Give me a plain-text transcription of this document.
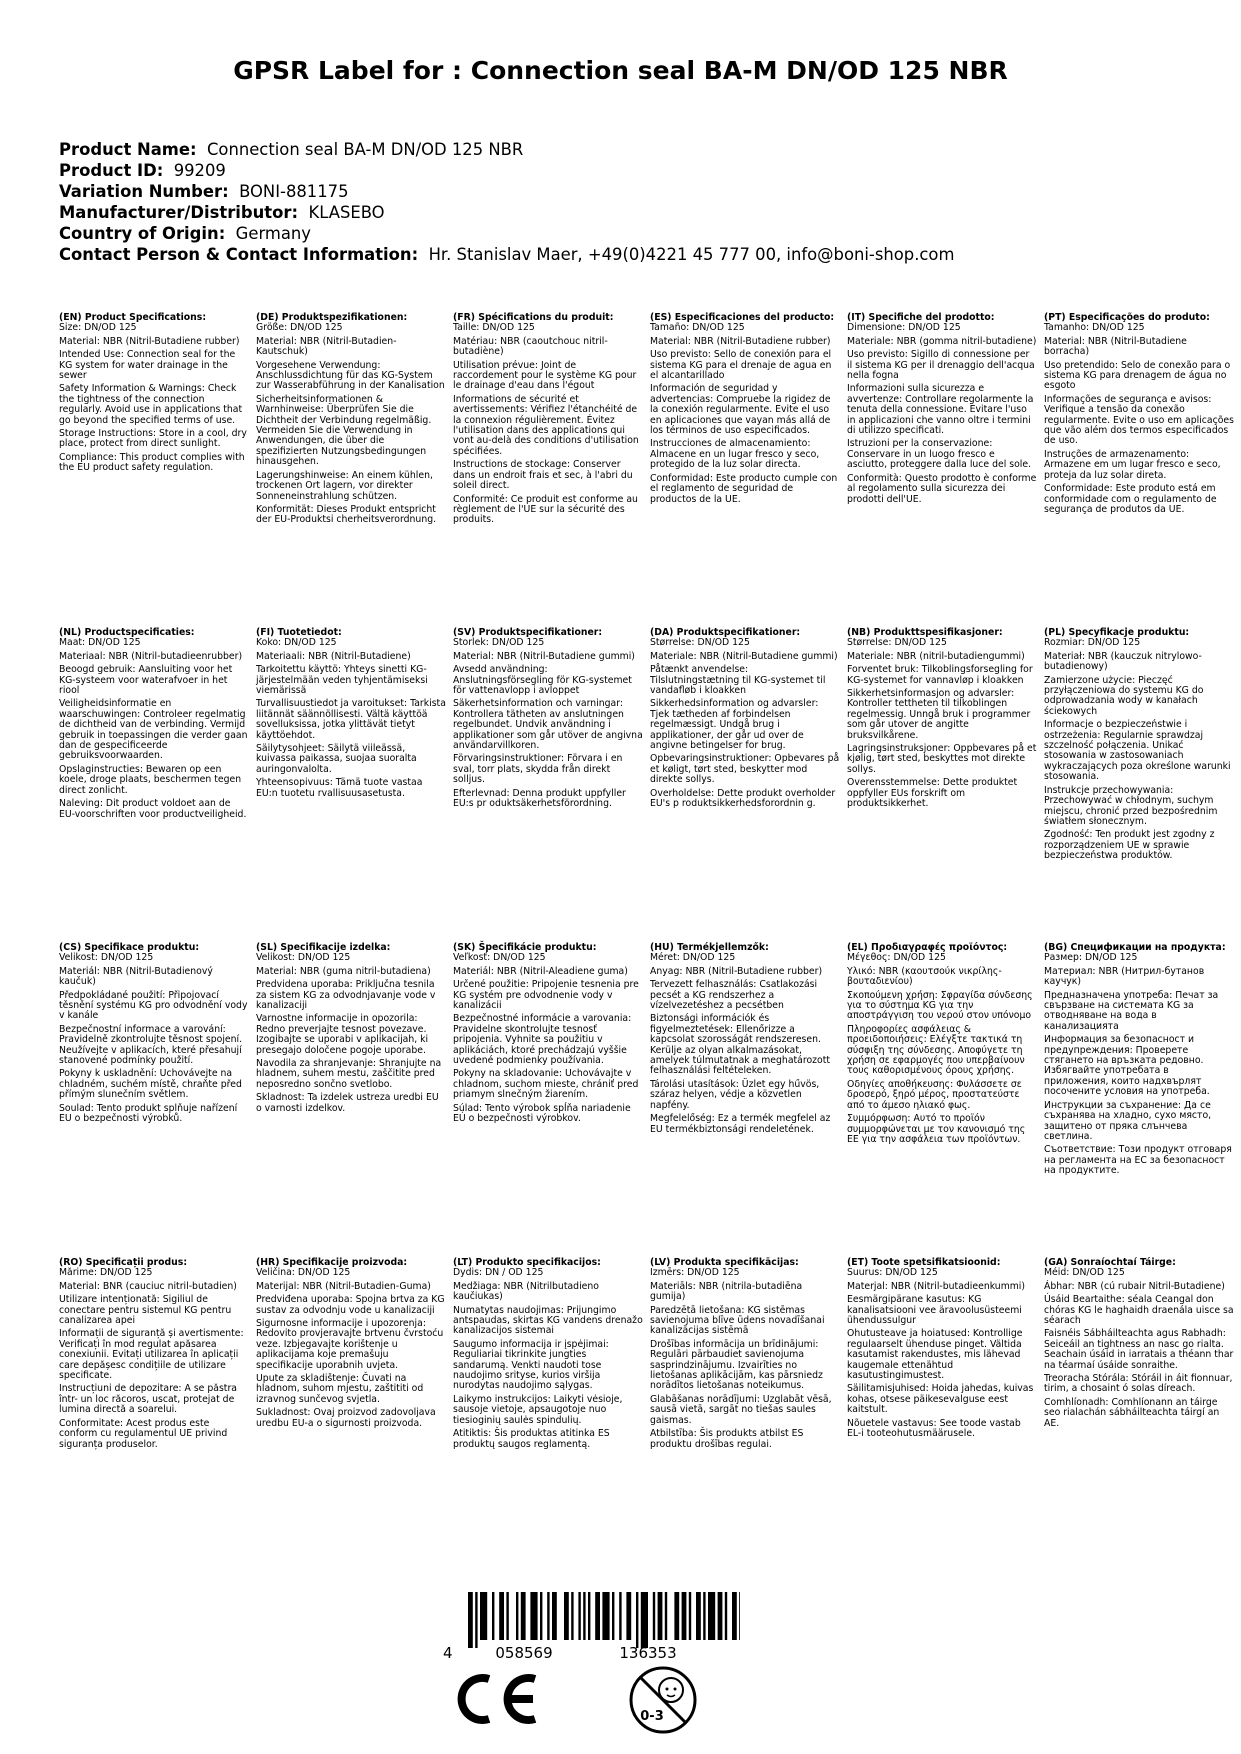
GPSR Label for : Connection seal BA-M DN/OD 125 NBR
Product Name: Connection seal BA-M DN/OD 125 NBR
Product ID: 99209
Variation Number: BONI-881175
Manufacturer/Distributor: KLASEBO
Country of Origin: Germany
Contact Person & Contact Information: Hr. Stanislav Maer, +49(0)4221 45 777 00, info@boni-shop.com
4	058569	136353
0-3
(EN) Product Specifications:
Size: DN/OD 125
Material: NBR (Nitril-Butadiene rubber)
Intended Use: Connection seal for the KG system for water drainage in the sewer
Safety Information & Warnings: Check the tightness of the connection regularly. Avoid use in applications that go beyond the specified terms of use.
Storage Instructions: Store in a cool, dry place, protect from direct sunlight.
Compliance: This product complies with the EU product safety regulation.
(DE) Produktspezifikationen:
Größe: DN/OD 125
Material: NBR (Nitril-Butadien-Kautschuk)
Vorgesehene Verwendung: Anschlussdichtung für das KG-System zur Wasserabführung in der Kanalisation
Sicherheitsinformationen & Warnhinweise: Überprüfen Sie die Dichtheit der Verbindung regelmäßig. Vermeiden Sie die Verwendung in Anwendungen, die über die spezifizierten Nutzungsbedingungen hinausgehen.
Lagerungshinweise: An einem kühlen, trockenen Ort lagern, vor direkter Sonneneinstrahlung schützen.
Konformität: Dieses Produkt entspricht der EU-Produktsi cherheitsverordnung.
(FR) Spécifications du produit:
Taille: DN/OD 125
Matériau: NBR (caoutchouc nitril-butadiène)
Utilisation prévue: Joint de raccordement pour le système KG pour le drainage d'eau dans l'égout
Informations de sécurité et avertissements: Vérifiez l'étanchéité de la connexion régulièrement. Évitez l'utilisation dans des applications qui vont au-delà des conditions d'utilisation spécifiées.
Instructions de stockage: Conserver dans un endroit frais et sec, à l'abri du soleil direct.
Conformité: Ce produit est conforme au règlement de l'UE sur la sécurité des produits.
(ES) Especificaciones del producto:
Tamaño: DN/OD 125
Material: NBR (Nitril-Butadiene rubber)
Uso previsto: Sello de conexión para el sistema KG para el drenaje de agua en el alcantarillado
Información de seguridad y advertencias: Compruebe la rigidez de la conexión regularmente. Evite el uso en aplicaciones que vayan más allá de los términos de uso especificados.
Instrucciones de almacenamiento: Almacene en un lugar fresco y seco, protegido de la luz solar directa.
Conformidad: Este producto cumple con el reglamento de seguridad de productos de la UE.
(IT) Specifiche del prodotto:
Dimensione: DN/OD 125
Materiale: NBR (gomma nitril-butadiene)
Uso previsto: Sigillo di connessione per il sistema KG per il drenaggio dell'acqua nella fogna
Informazioni sulla sicurezza e avvertenze: Controllare regolarmente la tenuta della connessione. Evitare l'uso in applicazioni che vanno oltre i termini di utilizzo specificati.
Istruzioni per la conservazione: Conservare in un luogo fresco e asciutto, proteggere dalla luce del sole.
Conformità: Questo prodotto è conforme al regolamento sulla sicurezza dei prodotti dell'UE.
(PT) Especificações do produto:
Tamanho: DN/OD 125
Material: NBR (Nitril-Butadiene borracha)
Uso pretendido: Selo de conexão para o sistema KG para drenagem de água no esgoto
Informações de segurança e avisos: Verifique a tensão da conexão regularmente. Evite o uso em aplicações que vão além dos termos especificados de uso.
Instruções de armazenamento: Armazene em um lugar fresco e seco, proteja da luz solar direta.
Conformidade: Este produto está em conformidade com o regulamento de segurança de produtos da UE.
(NL) Productspecificaties:
Maat: DN/OD 125
Materiaal: NBR (Nitril-butadieenrubber)
Beoogd gebruik: Aansluiting voor het KG-systeem voor waterafvoer in het riool
Veiligheidsinformatie en waarschuwingen: Controleer regelmatig de dichtheid van de verbinding. Vermijd gebruik in toepassingen die verder gaan dan de gespecificeerde gebruiksvoorwaarden.
Opslaginstructies: Bewaren op een koele, droge plaats, beschermen tegen direct zonlicht.
Naleving: Dit product voldoet aan de EU-voorschriften voor productveiligheid.
(FI) Tuotetiedot:
Koko: DN/OD 125
Materiaali: NBR (Nitril-Butadiene)
Tarkoitettu käyttö: Yhteys sinetti KG-järjestelmään veden tyhjentämiseksi viemärissä
Turvallisuustiedot ja varoitukset: Tarkista liitännät säännöllisesti. Vältä käyttöä sovelluksissa, jotka ylittävät tietyt käyttöehdot.
Säilytysohjeet: Säilytä viileässä, kuivassa paikassa, suojaa suoralta auringonvalolta.
Yhteensopivuus: Tämä tuote vastaa EU:n tuotetu rvallisuusasetusta.
(SV) Produktspecifikationer:
Storlek: DN/OD 125
Material: NBR (Nitril-Butadiene gummi)
Avsedd användning: Anslutningsförsegling för KG-systemet för vattenavlopp i avloppet
Säkerhetsinformation och varningar: Kontrollera tätheten av anslutningen regelbundet. Undvik användning i applikationer som går utöver de angivna användarvillkoren.
Förvaringsinstruktioner: Förvara i en sval, torr plats, skydda från direkt solljus.
Efterlevnad: Denna produkt uppfyller EU:s pr oduktsäkerhetsförordning.
(DA) Produktspecifikationer:
Størrelse: DN/OD 125
Materiale: NBR (Nitril-Butadiene gummi)
Påtænkt anvendelse: Tilslutningstætning til KG-systemet til vandafløb i kloakken
Sikkerhedsinformation og advarsler: Tjek tætheden af forbindelsen regelmæssigt. Undgå brug i applikationer, der går ud over de angivne betingelser for brug.
Opbevaringsinstruktioner: Opbevares på et køligt, tørt sted, beskytter mod direkte sollys.
Overholdelse: Dette produkt overholder EU's p roduktsikkerhedsforordnin g.
(NB) Produkttspesifikasjoner:
Størrelse: DN/OD 125
Materiale: NBR (nitril-butadiengummi)
Forventet bruk: Tilkoblingsforsegling for KG-systemet for vannavløp i kloakken
Sikkerhetsinformasjon og advarsler: Kontroller tettheten til tilkoblingen regelmessig. Unngå bruk i programmer som går utover de angitte bruksvilkårene.
Lagringsinstruksjoner: Oppbevares på et kjølig, tørt sted, beskyttes mot direkte sollys.
Overensstemmelse: Dette produktet oppfyller EUs forskrift om produktsikkerhet.
(PL) Specyfikacje produktu:
Rozmiar: DN/OD 125
Materiał: NBR (kauczuk nitrylowo-butadienowy)
Zamierzone użycie: Pieczęć przyłączeniowa do systemu KG do odprowadzania wody w kanałach ściekowych
Informacje o bezpieczeństwie i ostrzeżenia: Regularnie sprawdzaj szczelność połączenia. Unikać stosowania w zastosowaniach wykraczających poza określone warunki stosowania.
Instrukcje przechowywania: Przechowywać w chłodnym, suchym miejscu, chronić przed bezpośrednim światłem słonecznym.
Zgodność: Ten produkt jest zgodny z rozporządzeniem UE w sprawie bezpieczeństwa produktów.
(CS) Specifikace produktu:
Velikost: DN/OD 125
Materiál: NBR (Nitril-Butadienový kaučuk)
Předpokládané použití: Připojovací těsnění systému KG pro odvodnění vody v kanále
Bezpečnostní informace a varování: Pravidelně zkontrolujte těsnost spojení. Neužívejte v aplikacích, které přesahují stanovené podmínky použití.
Pokyny k uskladnění: Uchovávejte na chladném, suchém místě, chraňte před přímým slunečním světlem.
Soulad: Tento produkt splňuje nařízení EU o bezpečnosti výrobků.
(SL) Specifikacije izdelka:
Velikost: DN/OD 125
Material: NBR (guma nitril-butadiena)
Predvidena uporaba: Priključna tesnila za sistem KG za odvodnjavanje vode v kanalizaciji
Varnostne informacije in opozorila: Redno preverjajte tesnost povezave. Izogibajte se uporabi v aplikacijah, ki presegajo določene pogoje uporabe.
Navodila za shranjevanje: Shranjujte na hladnem, suhem mestu, zaščitite pred neposredno sončno svetlobo.
Skladnost: Ta izdelek ustreza uredbi EU o varnosti izdelkov.
(SK) Špecifikácie produktu:
Veľkosť: DN/OD 125
Materiál: NBR (Nitril-Aleadiene guma)
Určené použitie: Pripojenie tesnenia pre KG systém pre odvodnenie vody v kanalizácii
Bezpečnostné informácie a varovania: Pravidelne skontrolujte tesnosť pripojenia. Vyhnite sa použitiu v aplikáciách, ktoré prechádzajú vyššie uvedené podmienky používania.
Pokyny na skladovanie: Uchovávajte v chladnom, suchom mieste, chrániť pred priamym slnečným žiarením.
Súlad: Tento výrobok spĺňa nariadenie EÚ o bezpečnosti výrobkov.
(HU) Termékjellemzők:
Méret: DN/OD 125
Anyag: NBR (Nitril-Butadiene rubber)
Tervezett felhasználás: Csatlakozási pecsét a KG rendszerhez a vízelvezetéshez a pecsétben
Biztonsági információk és figyelmeztetések: Ellenőrizze a kapcsolat szorosságát rendszeresen. Kerülje az olyan alkalmazásokat, amelyek túlmutatnak a meghatározott felhasználási feltételeken.
Tárolási utasítások: Üzlet egy hűvös, száraz helyen, védje a közvetlen napfény.
Megfelelőség: Ez a termék megfelel az EU termékbiztonsági rendeletének.
(EL) Προδιαγραφές προϊόντος:
Μέγεθος: DN/OD 125
Υλικό: NBR (καουτσούκ νικρίλης-βουταδιενίου)
Σκοπούμενη χρήση: Σφραγίδα σύνδεσης για το σύστημα KG για την αποστράγγιση του νερού στον υπόνομο
Πληροφορίες ασφάλειας & προειδοποιήσεις: Ελέγξτε τακτικά τη σύσφιξη της σύνδεσης. Αποφύγετε τη χρήση σε εφαρμογές που υπερβαίνουν τους καθορισμένους όρους χρήσης.
Οδηγίες αποθήκευσης: Φυλάσσετε σε δροσερό, ξηρό μέρος, προστατεύστε από το άμεσο ηλιακό φως.
Συμμόρφωση: Αυτό το προϊόν συμμορφώνεται με τον κανονισμό της ΕΕ για την ασφάλεια των προϊόντων.
(BG) Спецификации на продукта:
Размер: DN/OD 125
Материал: NBR (Нитрил-бутанов каучук)
Предназначена употреба: Печат за свързване на системата KG за отводняване на вода в канализацията
Информация за безопасност и предупреждения: Проверете стягането на връзката редовно. Избягвайте употребата в приложения, които надхвърлят посочените условия на употреба.
Инструкции за съхранение: Да се съхранява на хладно, сухо място, защитено от пряка слънчева светлина.
Съответствие: Този продукт отговаря на регламента на ЕС за безопасност на продуктите.
(RO) Specificații produs:
Mărime: DN/OD 125
Material: BNR (cauciuc nitril-butadien)
Utilizare intenționată: Sigiliul de conectare pentru sistemul KG pentru canalizarea apei
Informații de siguranță și avertismente: Verificați în mod regulat apăsarea conexiunii. Evitați utilizarea în aplicații care depășesc condițiile de utilizare specificate.
Instrucțiuni de depozitare: A se păstra într- un loc răcoros, uscat, protejat de lumina directă a soarelui.
Conformitate: Acest produs este conform cu regulamentul UE privind siguranța produselor.
(HR) Specifikacije proizvoda:
Veličina: DN/OD 125
Materijal: NBR (Nitril-Butadien-Guma)
Predviđena uporaba: Spojna brtva za KG sustav za odvodnju vode u kanalizaciji
Sigurnosne informacije i upozorenja: Redovito provjeravajte brtvenu čvrstoću veze. Izbjegavajte korištenje u aplikacijama koje premašuju specifikacije uporabnih uvjeta.
Upute za skladištenje: Čuvati na hladnom, suhom mjestu, zaštititi od izravnog sunčevog svjetla.
Sukladnost: Ovaj proizvod zadovoljava uredbu EU-a o sigurnosti proizvoda.
(LT) Produkto specifikacijos:
Dydis: DN / OD 125
Medžiaga: NBR (Nitrilbutadieno kaučiukas)
Numatytas naudojimas: Prijungimo antspaudas, skirtas KG vandens drenažo kanalizacijos sistemai
Saugumo informacija ir įspėjimai: Reguliariai tikrinkite jungties sandarumą. Venkti naudoti tose naudojimo srityse, kurios viršija nurodytas naudojimo sąlygas.
Laikymo instrukcijos: Laikyti vėsioje, sausoje vietoje, apsaugotoje nuo tiesioginių saulės spindulių.
Atitiktis: Šis produktas atitinka ES produktų saugos reglamentą.
(LV) Produkta specifikācijas:
Izmērs: DN/OD 125
Materiāls: NBR (nitrila-butadiēna gumija)
Paredzētā lietošana: KG sistēmas savienojuma blīve ūdens novadīšanai kanalizācijas sistēmā
Drošības informācija un brīdinājumi: Regulāri pārbaudiet savienojuma sasprindzinājumu. Izvairīties no lietošanas aplikācijām, kas pārsniedz norādītos lietošanas noteikumus.
Glabāšanas norādījumi: Uzglabāt vēsā, sausā vietā, sargāt no tiešas saules gaismas.
Atbilstība: Šis produkts atbilst ES produktu drošības regulai.
(ET) Toote spetsifikatsioonid:
Suurus: DN/OD 125
Materjal: NBR (Nitril-butadieenkummi)
Eesmärgipärane kasutus: KG kanalisatsiooni vee äravoolusüsteemi ühendussulgur
Ohutusteave ja hoiatused: Kontrollige regulaarselt ühenduse pinget. Vältida kasutamist rakendustes, mis lähevad kaugemale ettenähtud kasutustingimustest.
Säilitamisjuhised: Hoida jahedas, kuivas kohas, otsese päikesevalguse eest kaitstult.
Nõuetele vastavus: See toode vastab EL-i tooteohutusmäärusele.
(GA) Sonraíochtaí Táirge:
Méid: DN/OD 125
Ábhar: NBR (cú rubair Nitril-Butadiene)
Úsáid Beartaithe: séala Ceangal don chóras KG le haghaidh draenála uisce sa séarach
Faisnéis Sábháilteachta agus Rabhadh: Seiceáil an tightness an nasc go rialta. Seachain úsáid in iarratais a théann thar na téarmaí úsáide sonraithe.
Treoracha Stórála: Stóráil in áit fionnuar, tirim, a chosaint ó solas díreach.
Comhlíonadh: Comhlíonann an táirge seo rialachán sábháilteachta táirgí an AE.
